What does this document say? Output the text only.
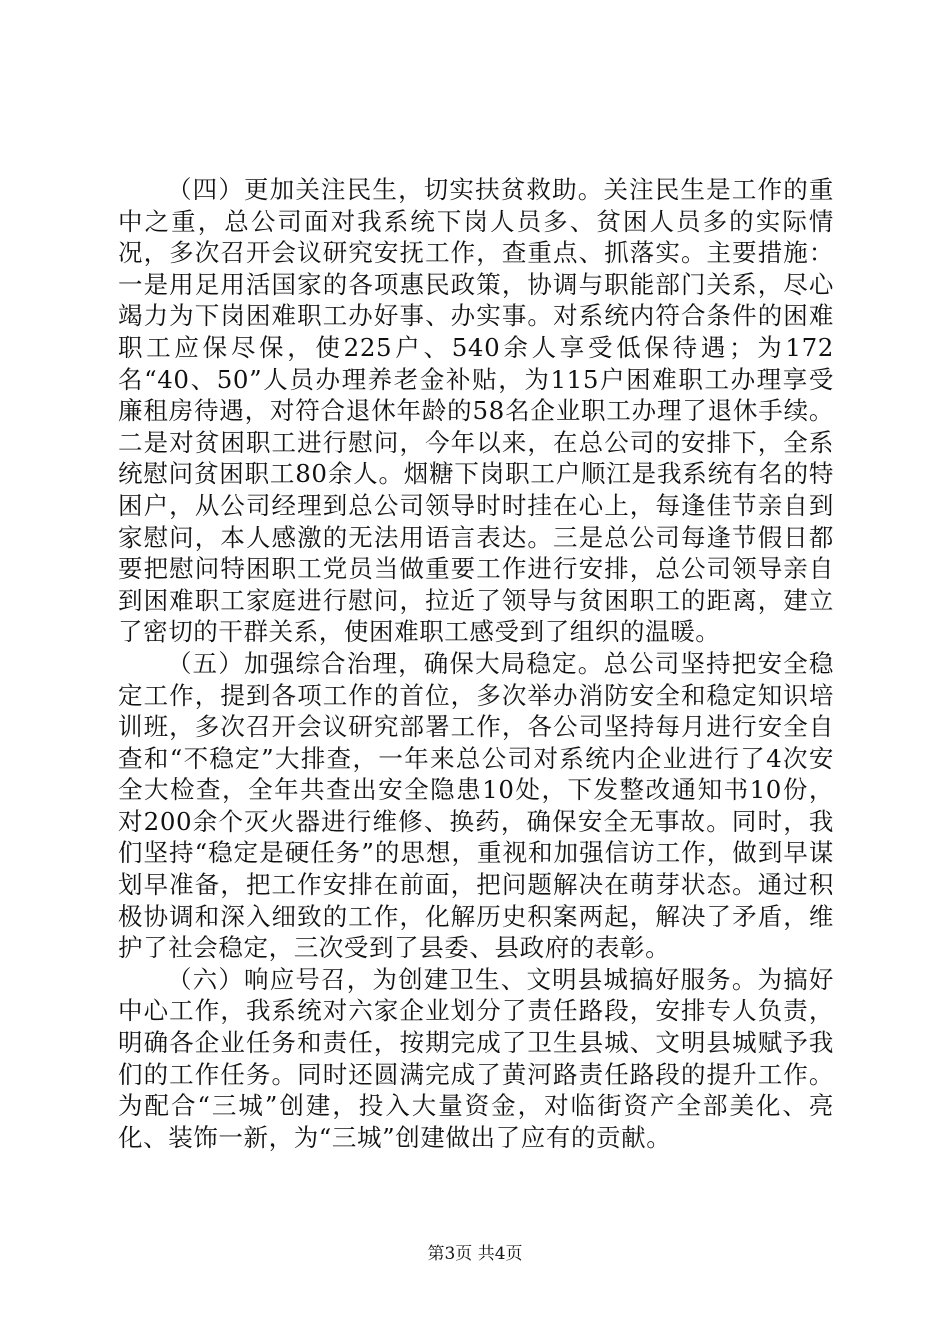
（四）更加关注民生，切实扶贫救助。关注民生是工作的重中之重，总公司面对我系统下岗人员多、贫困人员多的实际情况，多次召开会议研究安抚工作，查重点、抓落实。主要措施：一是用足用活国家的各项惠民政策，协调与职能部门关系，尽心竭力为下岗困难职工办好事、办实事。对系统内符合条件的困难职工应保尽保，使225户、540余人享受低保待遇；为172名“40、50”人员办理养老金补贴，为115户困难职工办理享受廉租房待遇，对符合退休年龄的58名企业职工办理了退休手续。二是对贫困职工进行慰问，今年以来，在总公司的安排下，全系统慰问贫困职工80余人。烟糖下岗职工户顺江是我系统有名的特困户，从公司经理到总公司领导时时挂在心上，每逢佳节亲自到家慰问，本人感激的无法用语言表达。三是总公司每逢节假日都要把慰问特困职工党员当做重要工作进行安排，总公司领导亲自到困难职工家庭进行慰问，拉近了领导与贫困职工的距离，建立了密切的干群关系，使困难职工感受到了组织的温暖。

（五）加强综合治理，确保大局稳定。总公司坚持把安全稳定工作，提到各项工作的首位，多次举办消防安全和稳定知识培训班，多次召开会议研究部署工作，各公司坚持每月进行安全自查和“不稳定”大排查，一年来总公司对系统内企业进行了4次安全大检查，全年共查出安全隐患10处，下发整改通知书10份，对200余个灭火器进行维修、换药，确保安全无事故。同时，我们坚持“稳定是硬任务”的思想，重视和加强信访工作，做到早谋划早准备，把工作安排在前面，把问题解决在萌芽状态。通过积极协调和深入细致的工作，化解历史积案两起，解决了矛盾，维护了社会稳定，三次受到了县委、县政府的表彰。

（六）响应号召，为创建卫生、文明县城搞好服务。为搞好中心工作，我系统对六家企业划分了责任路段，安排专人负责，明确各企业任务和责任，按期完成了卫生县城、文明县城赋予我们的工作任务。同时还圆满完成了黄河路责任路段的提升工作。为配合“三城”创建，投入大量资金，对临街资产全部美化、亮化、装饰一新，为“三城”创建做出了应有的贡献。

第3页 共4页
